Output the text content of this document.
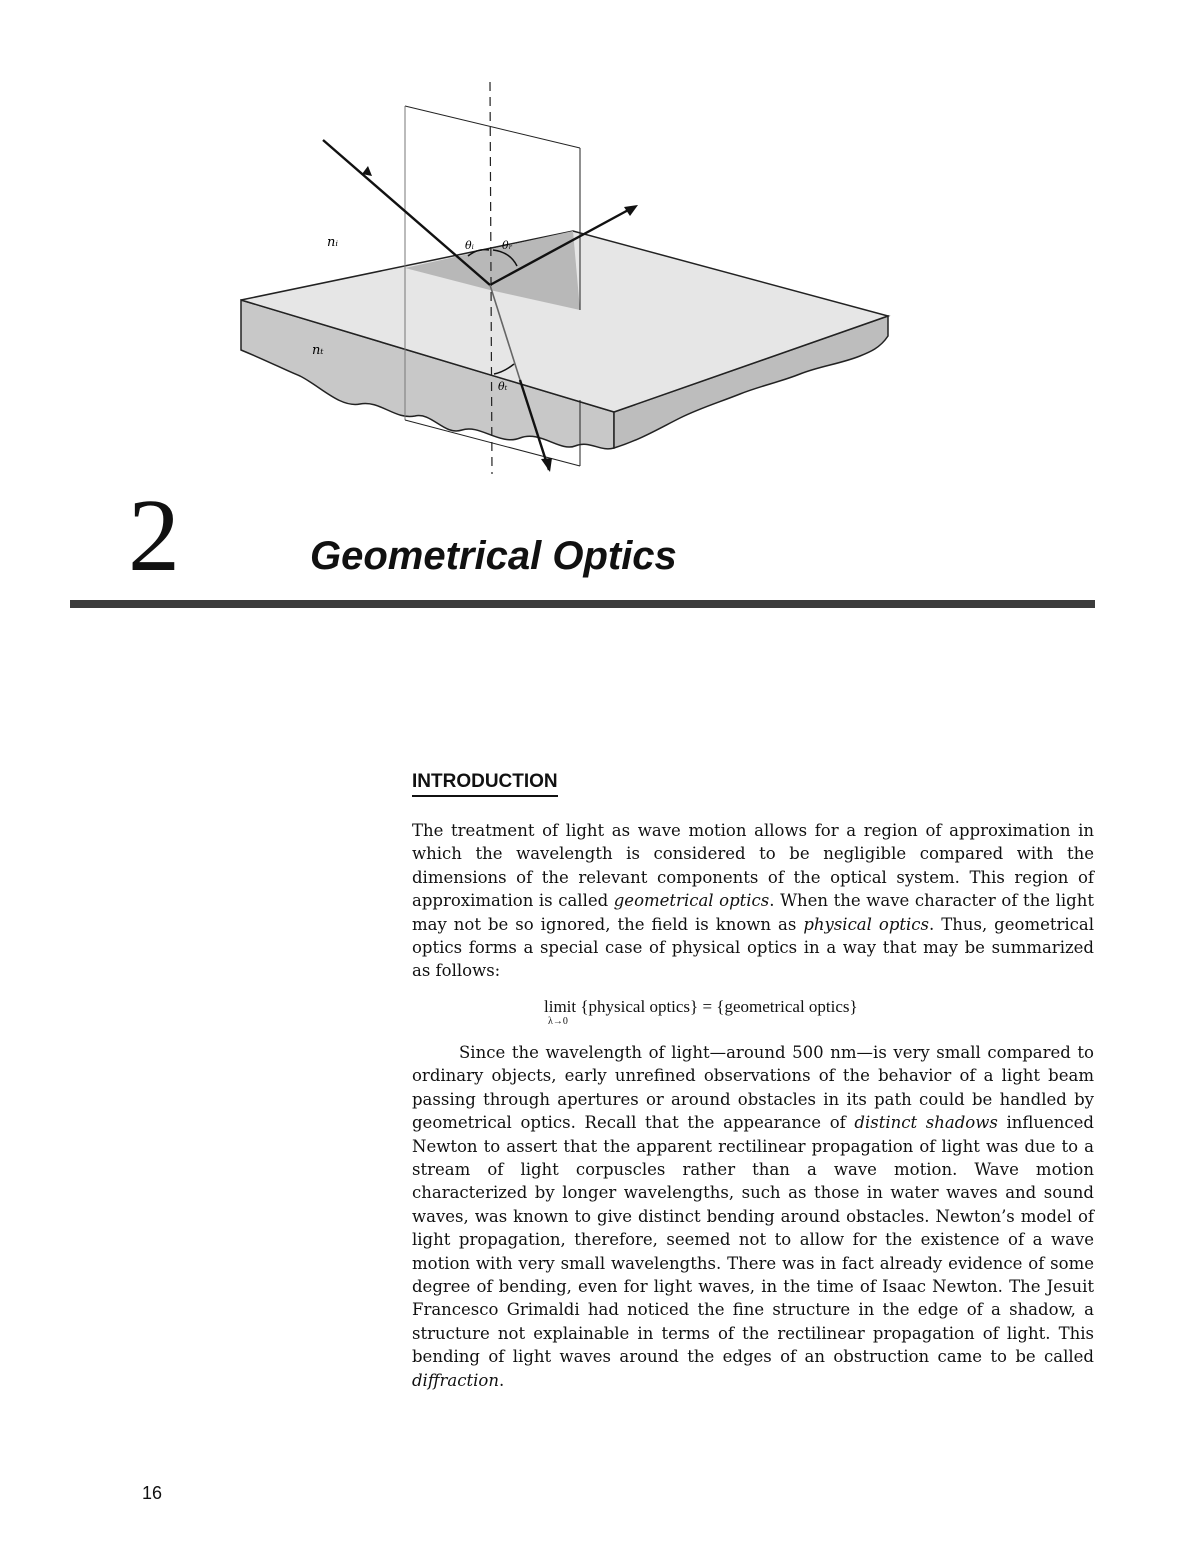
nᵢ
nₜ
θᵢ	θᵣ
θₜ
2	Geometrical Optics
INTRODUCTION

The treatment of light as wave motion allows for a region of approximation in which the wavelength is considered to be negligible compared with the dimensions of the relevant components of the optical system. This region of approximation is called geometrical optics. When the wave character of the light may not be so ignored, the field is known as physical optics. Thus, geometrical optics forms a special case of physical optics in a way that may be summarized as follows:

limit
λ→0
{physical optics} = {geometrical optics}

Since the wavelength of light—around 500 nm—is very small compared to ordinary objects, early unrefined observations of the behavior of a light beam passing through apertures or around obstacles in its path could be handled by geometrical optics. Recall that the appearance of distinct shadows influenced Newton to assert that the apparent rectilinear propagation of light was due to a stream of light corpuscles rather than a wave motion. Wave motion characterized by longer wavelengths, such as those in water waves and sound waves, was known to give distinct bending around obstacles. Newton’s model of light propagation, therefore, seemed not to allow for the existence of a wave motion with very small wavelengths. There was in fact already evidence of some degree of bending, even for light waves, in the time of Isaac Newton. The Jesuit Francesco Grimaldi had noticed the fine structure in the edge of a shadow, a structure not explainable in terms of the rectilinear propagation of light. This bending of light waves around the edges of an obstruction came to be called diffraction.

16
